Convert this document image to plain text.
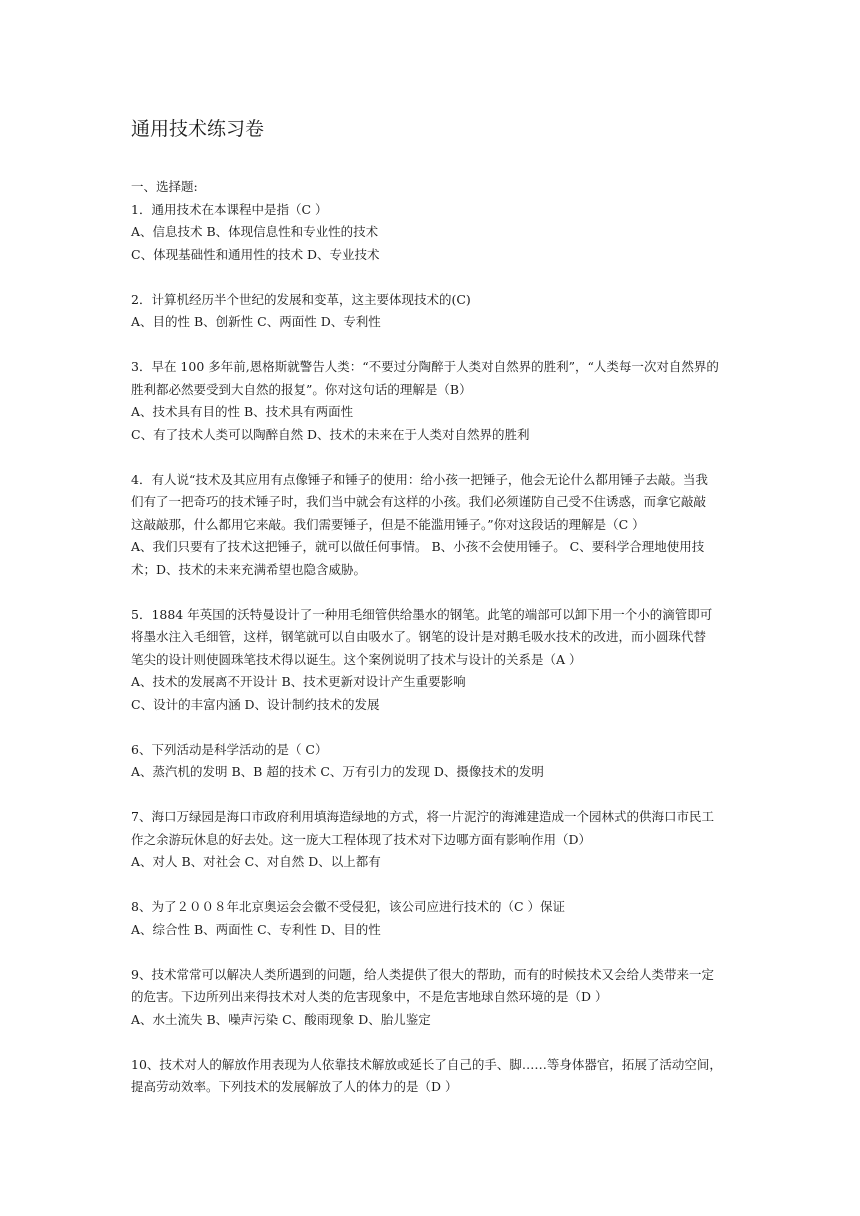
通用技术练习卷

一、选择题:

1．通用技术在本课程中是指（C ）
A、信息技术 B、体现信息性和专业性的技术
C、体现基础性和通用性的技术 D、专业技术
2．计算机经历半个世纪的发展和变革，这主要体现技术的(C)
A、目的性 B、创新性 C、两面性 D、专利性
3．早在 100 多年前,恩格斯就警告人类：“不要过分陶醉于人类对自然界的胜利”，“人类每一次对自然界的
胜利都必然要受到大自然的报复”。你对这句话的理解是（B）
A、技术具有目的性 B、技术具有两面性
C、有了技术人类可以陶醉自然 D、技术的未来在于人类对自然界的胜利
4．有人说“技术及其应用有点像锤子和锤子的使用：给小孩一把锤子，他会无论什么都用锤子去敲。当我
们有了一把奇巧的技术锤子时，我们当中就会有这样的小孩。我们必须谨防自己受不住诱惑，而拿它敲敲
这敲敲那，什么都用它来敲。我们需要锤子，但是不能滥用锤子。”你对这段话的理解是（C ）
A、我们只要有了技术这把锤子，就可以做任何事情。 B、小孩不会使用锤子。 C、要科学合理地使用技
术；D、技术的未来充满希望也隐含威胁。
5．1884 年英国的沃特曼设计了一种用毛细管供给墨水的钢笔。此笔的端部可以卸下用一个小的滴管即可
将墨水注入毛细管，这样，钢笔就可以自由吸水了。钢笔的设计是对鹅毛吸水技术的改进，而小圆珠代替
笔尖的设计则使圆珠笔技术得以诞生。这个案例说明了技术与设计的关系是（A ）
A、技术的发展离不开设计 B、技术更新对设计产生重要影响
C、设计的丰富内涵 D、设计制约技术的发展
6、下列活动是科学活动的是（ C）
A、蒸汽机的发明 B、B 超的技术 C、万有引力的发现 D、摄像技术的发明
7、海口万绿园是海口市政府利用填海造绿地的方式，将一片泥泞的海滩建造成一个园林式的供海口市民工
作之余游玩休息的好去处。这一庞大工程体现了技术对下边哪方面有影响作用（D）
A、对人 B、对社会 C、对自然 D、以上都有
8、为了２００８年北京奥运会会徽不受侵犯，该公司应进行技术的（C ）保证
A、综合性 B、两面性 C、专利性 D、目的性
9、技术常常可以解决人类所遇到的问题，给人类提供了很大的帮助，而有的时候技术又会给人类带来一定
的危害。下边所列出来得技术对人类的危害现象中，不是危害地球自然环境的是（D ）
A、水土流失 B、噪声污染 C、酸雨现象 D、胎儿鉴定
10、技术对人的解放作用表现为人依靠技术解放或延长了自己的手、脚……等身体器官，拓展了活动空间，
提高劳动效率。下列技术的发展解放了人的体力的是（D ）
